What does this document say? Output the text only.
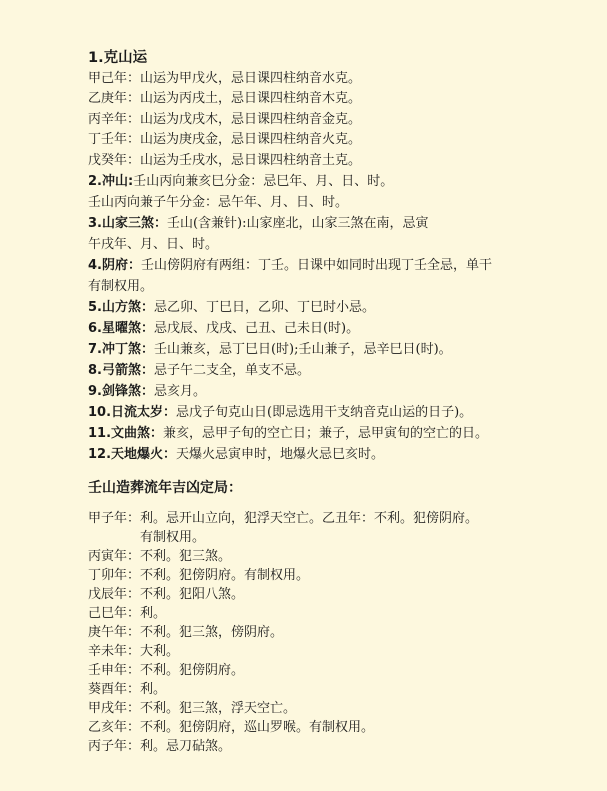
1.克山运
甲己年：山运为甲戊火，忌日课四柱纳音水克。
乙庚年：山运为丙戌土，忌日课四柱纳音木克。
丙辛年：山运为戊戌木，忌日课四柱纳音金克。
丁壬年：山运为庚戌金，忌日课四柱纳音火克。
戊癸年：山运为壬戌水，忌日课四柱纳音土克。
2.冲山:壬山丙向兼亥巳分金：忌巳年、月、日、时。
壬山丙向兼子午分金：忌午年、月、日、时。
3.山家三煞：壬山(含兼针):山家座北，山家三煞在南，忌寅
午戌年、月、日、时。
4.阴府：壬山傍阴府有两组：丁壬。日课中如同时出现丁壬全忌，单干
有制权用。
5.山方煞：忌乙卯、丁巳日，乙卯、丁巳时小忌。
6.星曜煞：忌戊辰、戊戌、己丑、己未日(时)。
7.冲丁煞：壬山兼亥，忌丁巳日(时);壬山兼子，忌辛巳日(时)。
8.弓箭煞：忌子午二支全，单支不忌。
9.剑锋煞：忌亥月。
10.日流太岁：忌戊子旬克山日(即忌选用干支纳音克山运的日子)。
11.文曲煞：兼亥，忌甲子旬的空亡日；兼子，忌甲寅旬的空亡的日。
12.天地爆火：天爆火忌寅申时，地爆火忌巳亥时。
壬山造葬流年吉凶定局：
甲子年：利。忌开山立向，犯浮天空亡。乙丑年：不利。犯傍阴府。
有制权用。
丙寅年：不利。犯三煞。
丁卯年：不利。犯傍阴府。有制权用。
戊辰年：不利。犯阳八煞。
己巳年：利。
庚午年：不利。犯三煞，傍阴府。
辛未年：大利。
壬申年：不利。犯傍阴府。
葵酉年：利。
甲戌年：不利。犯三煞，浮天空亡。
乙亥年：不利。犯傍阴府，巡山罗喉。有制权用。
丙子年：利。忌刀砧煞。
